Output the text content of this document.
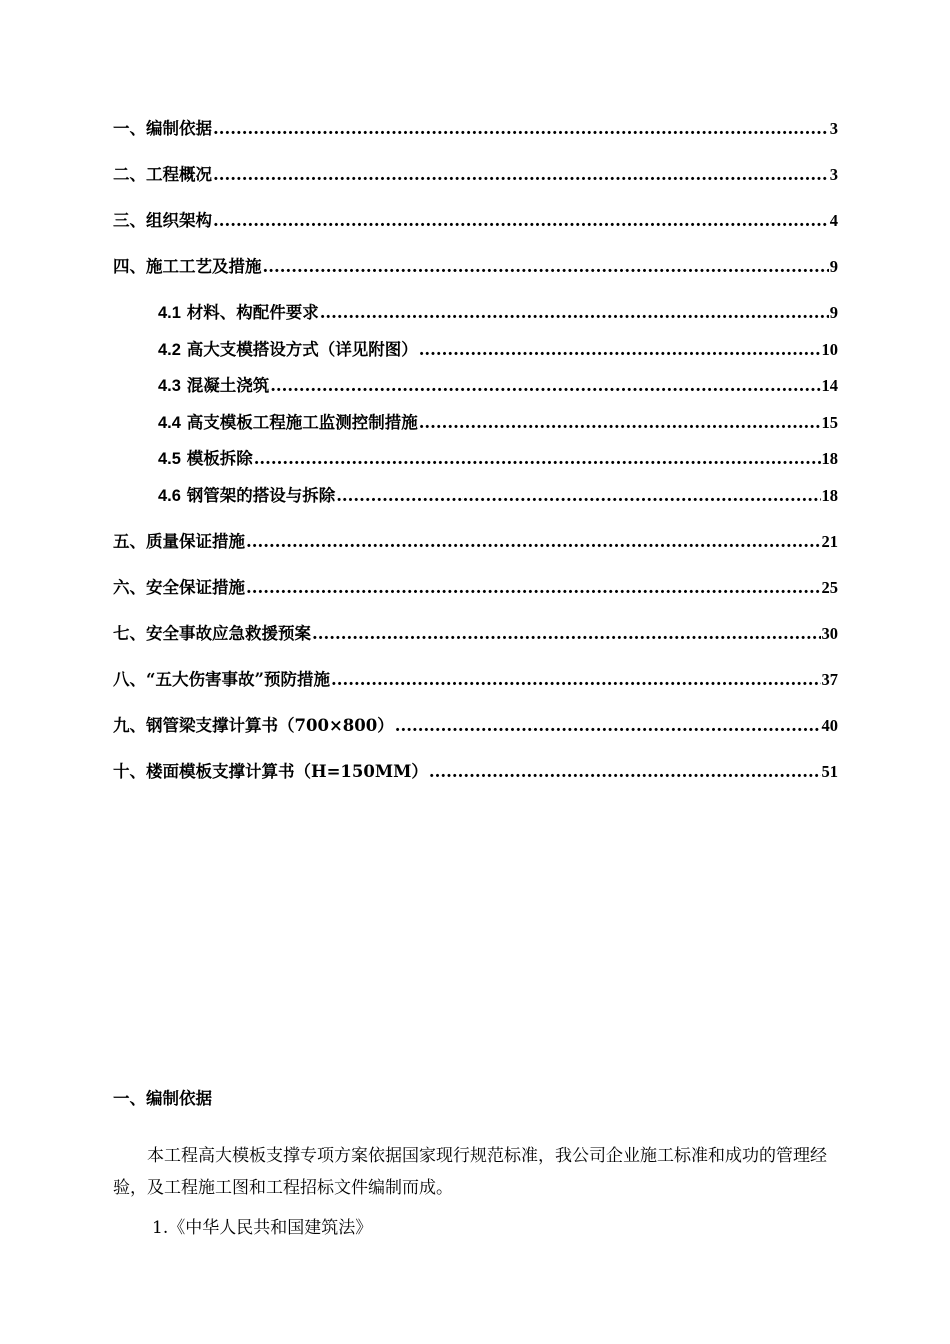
一、编制依据 .....	3
二、工程概况 .....	3
三、组织架构 .....	4
四、施工工艺及措施 .....	9
4.1 材料、构配件要求 .....	9
4.2 高大支模搭设方式（详见附图） .....	10
4.3 混凝土浇筑 .....	14
4.4 高支模板工程施工监测控制措施 .....	15
4.5 模板拆除 .....	18
4.6 钢管架的搭设与拆除 .....	18
五、质量保证措施 .....	21
六、安全保证措施 .....	25
七、安全事故应急救援预案 .....	30
八、“五大伤害事故”预防措施 .....	37
九、钢管梁支撑计算书（700×800） .....	40
十、楼面模板支撑计算书（H=150MM） .....	51
一、编制依据
本工程高大模板支撑专项方案依据国家现行规范标准，我公司企业施工标准和成功的管理经验，及工程施工图和工程招标文件编制而成。
1.《中华人民共和国建筑法》
